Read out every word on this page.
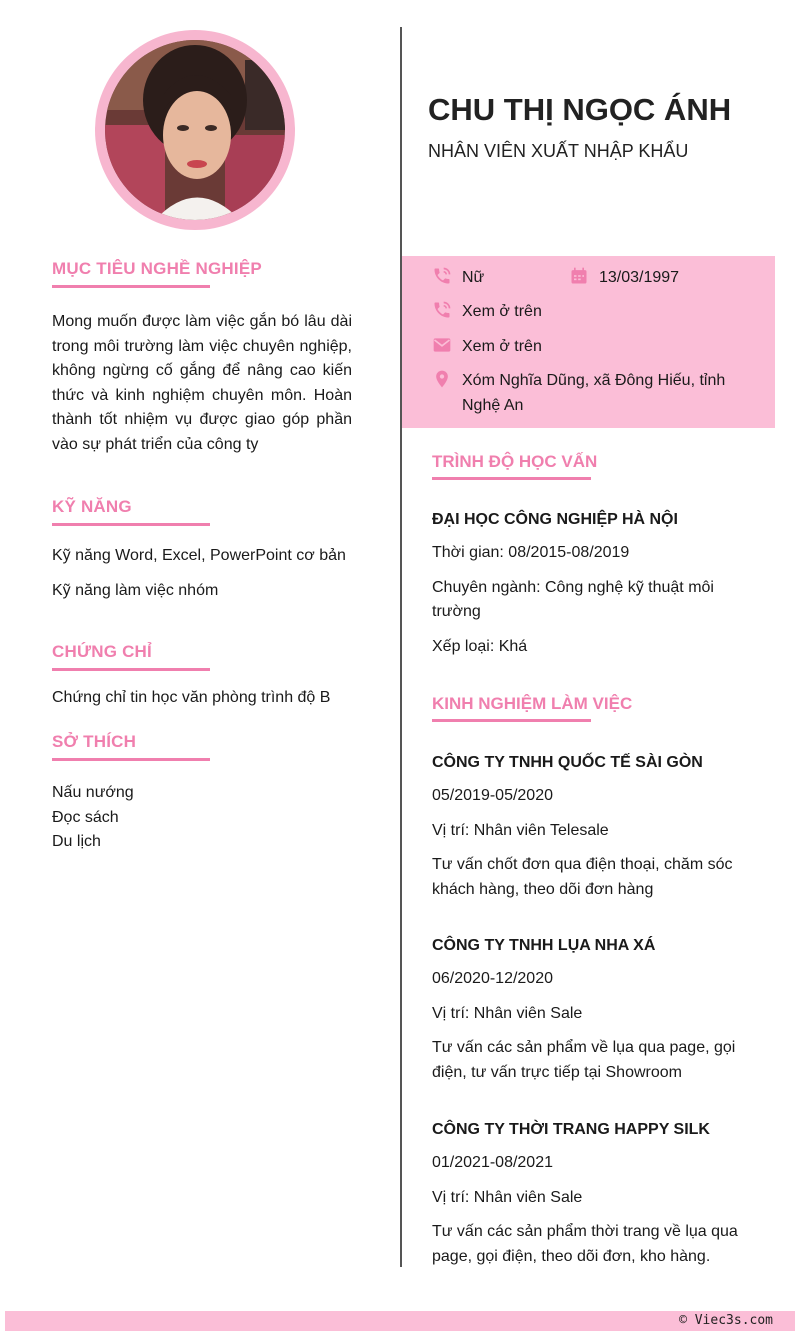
MỤC TIÊU NGHỀ NGHIỆP

Mong muốn được làm việc gắn bó lâu dài trong môi trường làm việc chuyên nghiệp, không ngừng cố gắng để nâng cao kiến thức và kinh nghiệm chuyên môn. Hoàn thành tốt nhiệm vụ được giao góp phần vào sự phát triển của công ty

KỸ NĂNG

Kỹ năng Word, Excel, PowerPoint cơ bản

Kỹ năng làm việc nhóm

CHỨNG CHỈ

Chứng chỉ tin học văn phòng trình độ B

SỞ THÍCH

Nấu nướng

Đọc sách

Du lịch

CHU THỊ NGỌC ÁNH
NHÂN VIÊN XUẤT NHẬP KHẨU
Nữ	13/03/1997
Xem ở trên
Xem ở trên
Xóm Nghĩa Dũng, xã Đông Hiếu, tỉnh
Nghệ An
TRÌNH ĐỘ HỌC VẤN
ĐẠI HỌC CÔNG NGHIỆP HÀ NỘI
Thời gian: 08/2015-08/2019
Chuyên ngành: Công nghệ kỹ thuật môi
trường
Xếp loại: Khá
KINH NGHIỆM LÀM VIỆC
CÔNG TY TNHH QUỐC TẾ SÀI GÒN
05/2019-05/2020
Vị trí: Nhân viên Telesale
Tư vấn chốt đơn qua điện thoại, chăm sóc
khách hàng, theo dõi đơn hàng
CÔNG TY TNHH LỤA NHA XÁ
06/2020-12/2020
Vị trí: Nhân viên Sale
Tư vấn các sản phẩm về lụa qua page, gọi
điện, tư vấn trực tiếp tại Showroom
CÔNG TY THỜI TRANG HAPPY SILK
01/2021-08/2021
Vị trí: Nhân viên Sale
Tư vấn các sản phẩm thời trang về lụa qua
page, gọi điện, theo dõi đơn, kho hàng.
© Viec3s.com
